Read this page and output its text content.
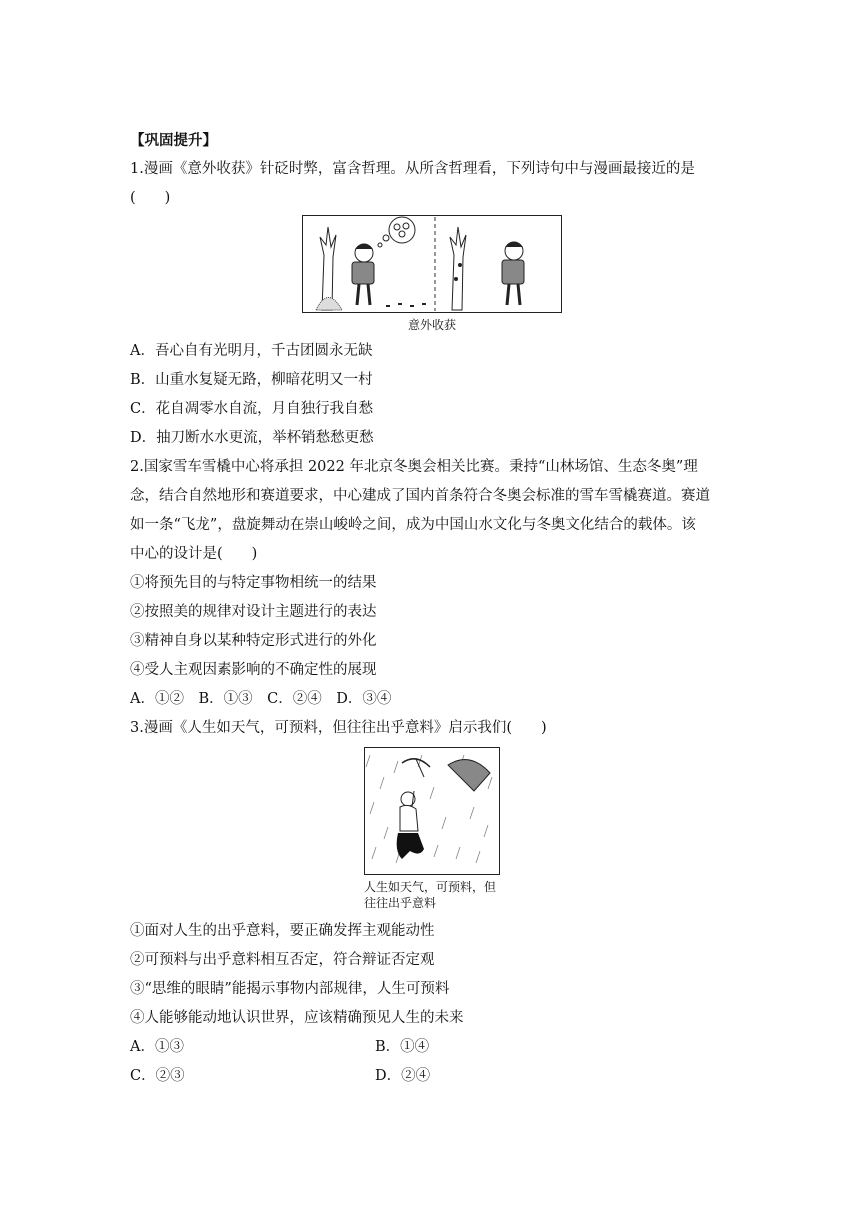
【巩固提升】
1.漫画《意外收获》针砭时弊，富含哲理。从所含哲理看，下列诗句中与漫画最接近的是
(　　)
意外收获
A．吾心自有光明月，千古团圆永无缺
B．山重水复疑无路，柳暗花明又一村
C．花自凋零水自流，月自独行我自愁
D．抽刀断水水更流，举杯销愁愁更愁
2.国家雪车雪橇中心将承担 2022 年北京冬奥会相关比赛。秉持“山林场馆、生态冬奥”理
念，结合自然地形和赛道要求，中心建成了国内首条符合冬奥会标准的雪车雪橇赛道。赛道
如一条“飞龙”，盘旋舞动在崇山峻岭之间，成为中国山水文化与冬奥文化结合的载体。该
中心的设计是(　　)
①将预先目的与特定事物相统一的结果
②按照美的规律对设计主题进行的表达
③精神自身以某种特定形式进行的外化
④受人主观因素影响的不确定性的展现
A．①②　B．①③　C．②④　D．③④
3.漫画《人生如天气，可预料，但往往出乎意料》启示我们(　　)
人生如天气，可预料，但
往往出乎意料
①面对人生的出乎意料，要正确发挥主观能动性
②可预料与出乎意料相互否定，符合辩证否定观
③“思维的眼睛”能揭示事物内部规律，人生可预料
④人能够能动地认识世界，应该精确预见人生的未来
A．①③	B．①④
C．②③	D．②④
